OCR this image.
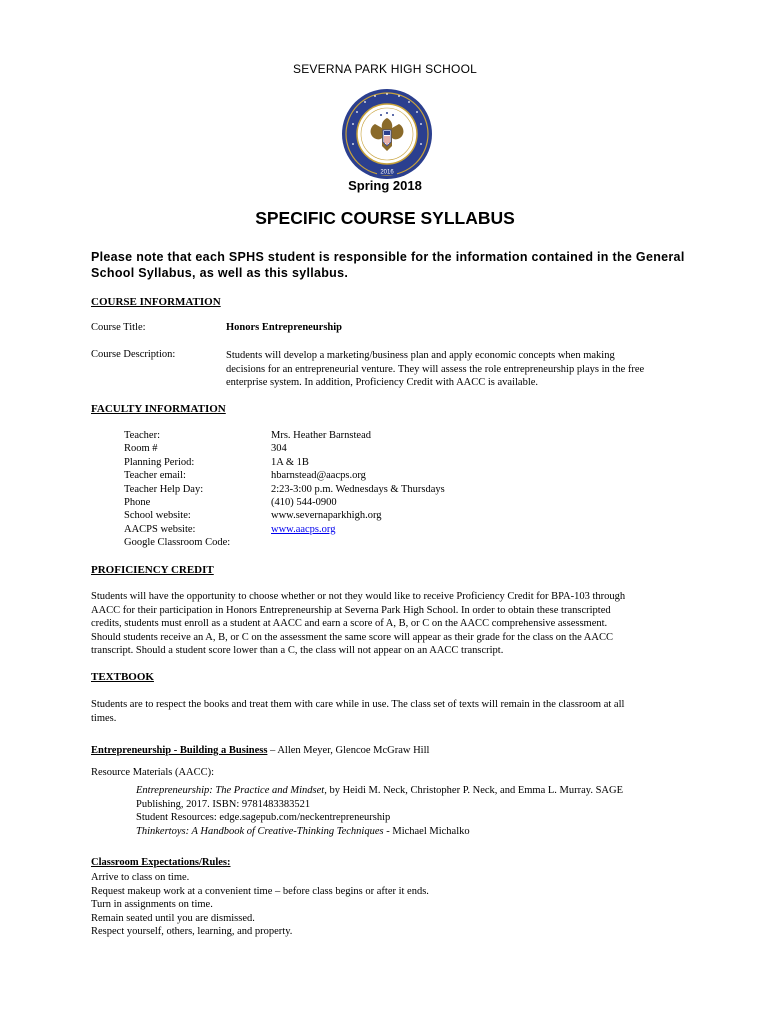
SEVERNA PARK HIGH SCHOOL
2016
Spring 2018
SPECIFIC COURSE SYLLABUS
Please note that each SPHS student is responsible for the information contained in the General School Syllabus, as well as this syllabus.
COURSE INFORMATION
Course Title:	Honors Entrepreneurship
Course Description:	Students will develop a marketing/business plan and apply economic concepts when making
decisions for an entrepreneurial venture. They will assess the role entrepreneurship plays in the free
enterprise system. In addition, Proficiency Credit with AACC is available.
FACULTY INFORMATION
Teacher:
Room #
Planning Period:
Teacher email:
Teacher Help Day:
Phone
School website:
AACPS website:
Google Classroom Code:
Mrs. Heather Barnstead
304
1A & 1B
hbarnstead@aacps.org
2:23-3:00 p.m. Wednesdays & Thursdays
(410) 544-0900
www.severnaparkhigh.org
www.aacps.org
PROFICIENCY CREDIT
Students will have the opportunity to choose whether or not they would like to receive Proficiency Credit for BPA-103 through
AACC for their participation in Honors Entrepreneurship at Severna Park High School. In order to obtain these transcripted
credits, students must enroll as a student at AACC and earn a score of A, B, or C on the AACC comprehensive assessment.
Should students receive an A, B, or C on the assessment the same score will appear as their grade for the class on the AACC
transcript. Should a student score lower than a C, the class will not appear on an AACC transcript.
TEXTBOOK
Students are to respect the books and treat them with care while in use. The class set of texts will remain in the classroom at all
times.
Entrepreneurship - Building a Business – Allen Meyer, Glencoe McGraw Hill
Resource Materials (AACC):
Entrepreneurship: The Practice and Mindset, by Heidi M. Neck, Christopher P. Neck, and Emma L. Murray. SAGE
Publishing, 2017. ISBN: 9781483383521
Student Resources: edge.sagepub.com/neckentrepreneurship
Thinkertoys: A Handbook of Creative-Thinking Techniques - Michael Michalko
Classroom Expectations/Rules:
Arrive to class on time.
Request makeup work at a convenient time – before class begins or after it ends.
Turn in assignments on time.
Remain seated until you are dismissed.
Respect yourself, others, learning, and property.
